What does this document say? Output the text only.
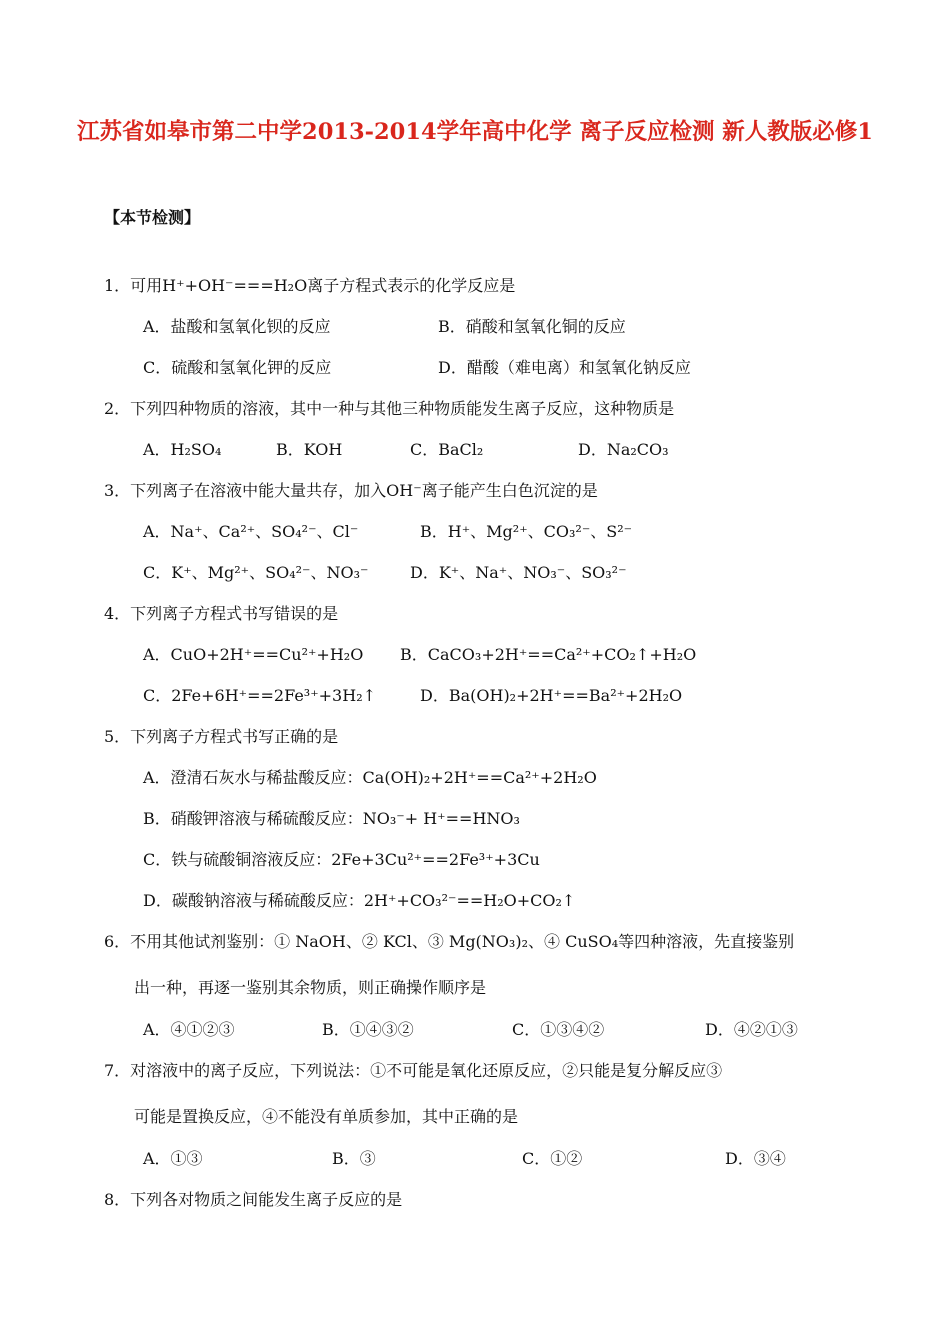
江苏省如皋市第二中学2013-2014学年高中化学 离子反应检测 新人教版必修1
【本节检测】
1．可用H⁺+OH⁻===H₂O离子方程式表示的化学反应是
A．盐酸和氢氧化钡的反应	B．硝酸和氢氧化铜的反应
C．硫酸和氢氧化钾的反应	D．醋酸（难电离）和氢氧化钠反应
2．下列四种物质的溶液，其中一种与其他三种物质能发生离子反应，这种物质是
A．H₂SO₄	B．KOH	C．BaCl₂	D．Na₂CO₃
3．下列离子在溶液中能大量共存，加入OH⁻离子能产生白色沉淀的是
A．Na⁺、Ca²⁺、SO₄²⁻、Cl⁻	B．H⁺、Mg²⁺、CO₃²⁻、S²⁻
C．K⁺、Mg²⁺、SO₄²⁻、NO₃⁻	D．K⁺、Na⁺、NO₃⁻、SO₃²⁻
4．下列离子方程式书写错误的是
A．CuO+2H⁺==Cu²⁺+H₂O B．CaCO₃+2H⁺==Ca²⁺+CO₂↑+H₂O
C．2Fe+6H⁺==2Fe³⁺+3H₂↑	D．Ba(OH)₂+2H⁺==Ba²⁺+2H₂O
5．下列离子方程式书写正确的是
A．澄清石灰水与稀盐酸反应：Ca(OH)₂+2H⁺==Ca²⁺+2H₂O
B．硝酸钾溶液与稀硫酸反应：NO₃⁻+ H⁺==HNO₃
C．铁与硫酸铜溶液反应：2Fe+3Cu²⁺==2Fe³⁺+3Cu
D．碳酸钠溶液与稀硫酸反应：2H⁺+CO₃²⁻==H₂O+CO₂↑
6．不用其他试剂鉴别：① NaOH、② KCl、③ Mg(NO₃)₂、④ CuSO₄等四种溶液，先直接鉴别
出一种，再逐一鉴别其余物质，则正确操作顺序是
A．④①②③	B．①④③②	C．①③④②	D．④②①③
7．对溶液中的离子反应，下列说法：①不可能是氧化还原反应，②只能是复分解反应③
可能是置换反应，④不能没有单质参加，其中正确的是
A．①③	B．③	C．①②	D．③④
8．下列各对物质之间能发生离子反应的是
